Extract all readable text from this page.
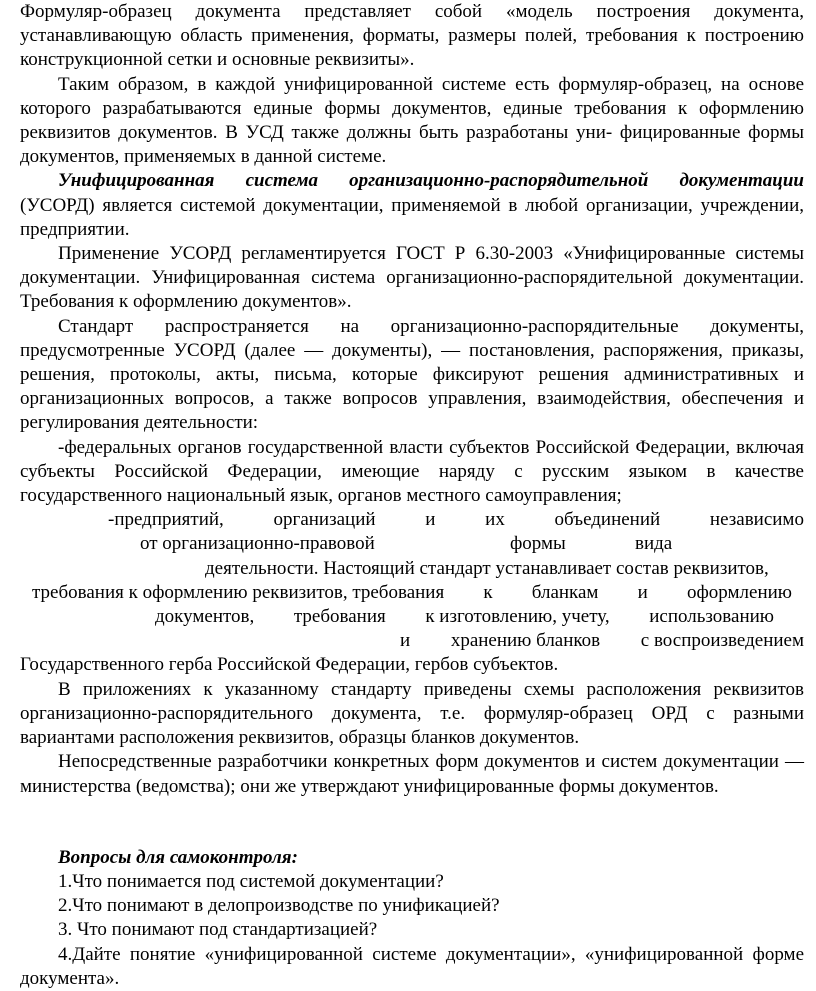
Формуляр-образец документа представляет собой «модель построения документа, устанавливающую область применения, форматы, размеры полей, требования к построению конструкционной сетки и основные реквизиты».

Таким образом, в каждой унифицированной системе есть формуляр-образец, на основе которого разрабатываются единые формы документов, единые требования к оформлению реквизитов документов. В УСД также должны быть разработаны уни- фицированные формы документов, применяемых в данной системе.

Унифицированная система организационно-распорядительной документации (УСОРД) является системой документации, применяемой в любой организации, учреждении, предприятии.

Применение УСОРД регламентируется ГОСТ Р 6.30-2003 «Унифицированные системы документации. Унифицированная система организационно-распорядительной документации. Требования к оформлению документов».

Стандарт распространяется на организационно-распорядительные документы, предусмотренные УСОРД (далее — документы), — постановления, распоряжения, приказы, решения, протоколы, акты, письма, которые фиксируют решения административных и организационных вопросов, а также вопросов управления, взаимодействия, обеспечения и регулирования деятельности:

-федеральных органов государственной власти субъектов Российской Федерации, включая субъекты Российской Федерации, имеющие наряду с русским языком в качестве государственного национальный язык, органов местного самоуправления;

-предприятий,	организаций	и	их	объединений	независимо
от организационно-правовой	формы	вида
деятельности. Настоящий стандарт устанавливает состав реквизитов,
требования к оформлению реквизитов, требования к бланкам и оформлению
документов, требования к изготовлению, учету, использованию
и хранению бланков с воспроизведением
Государственного герба Российской Федерации, гербов субъектов.

В приложениях к указанному стандарту приведены схемы расположения реквизитов организационно-распорядительного документа, т.е. формуляр-образец ОРД с разными вариантами расположения реквизитов, образцы бланков документов.

Непосредственные разработчики конкретных форм документов и систем документации — министерства (ведомства); они же утверждают унифицированные формы документов.

Вопросы для самоконтроля:

1.Что понимается под системой документации?

2.Что понимают в делопроизводстве по унификацией?

3. Что понимают под стандартизацией?

4.Дайте понятие «унифицированной системе документации», «унифицированной форме документа».
